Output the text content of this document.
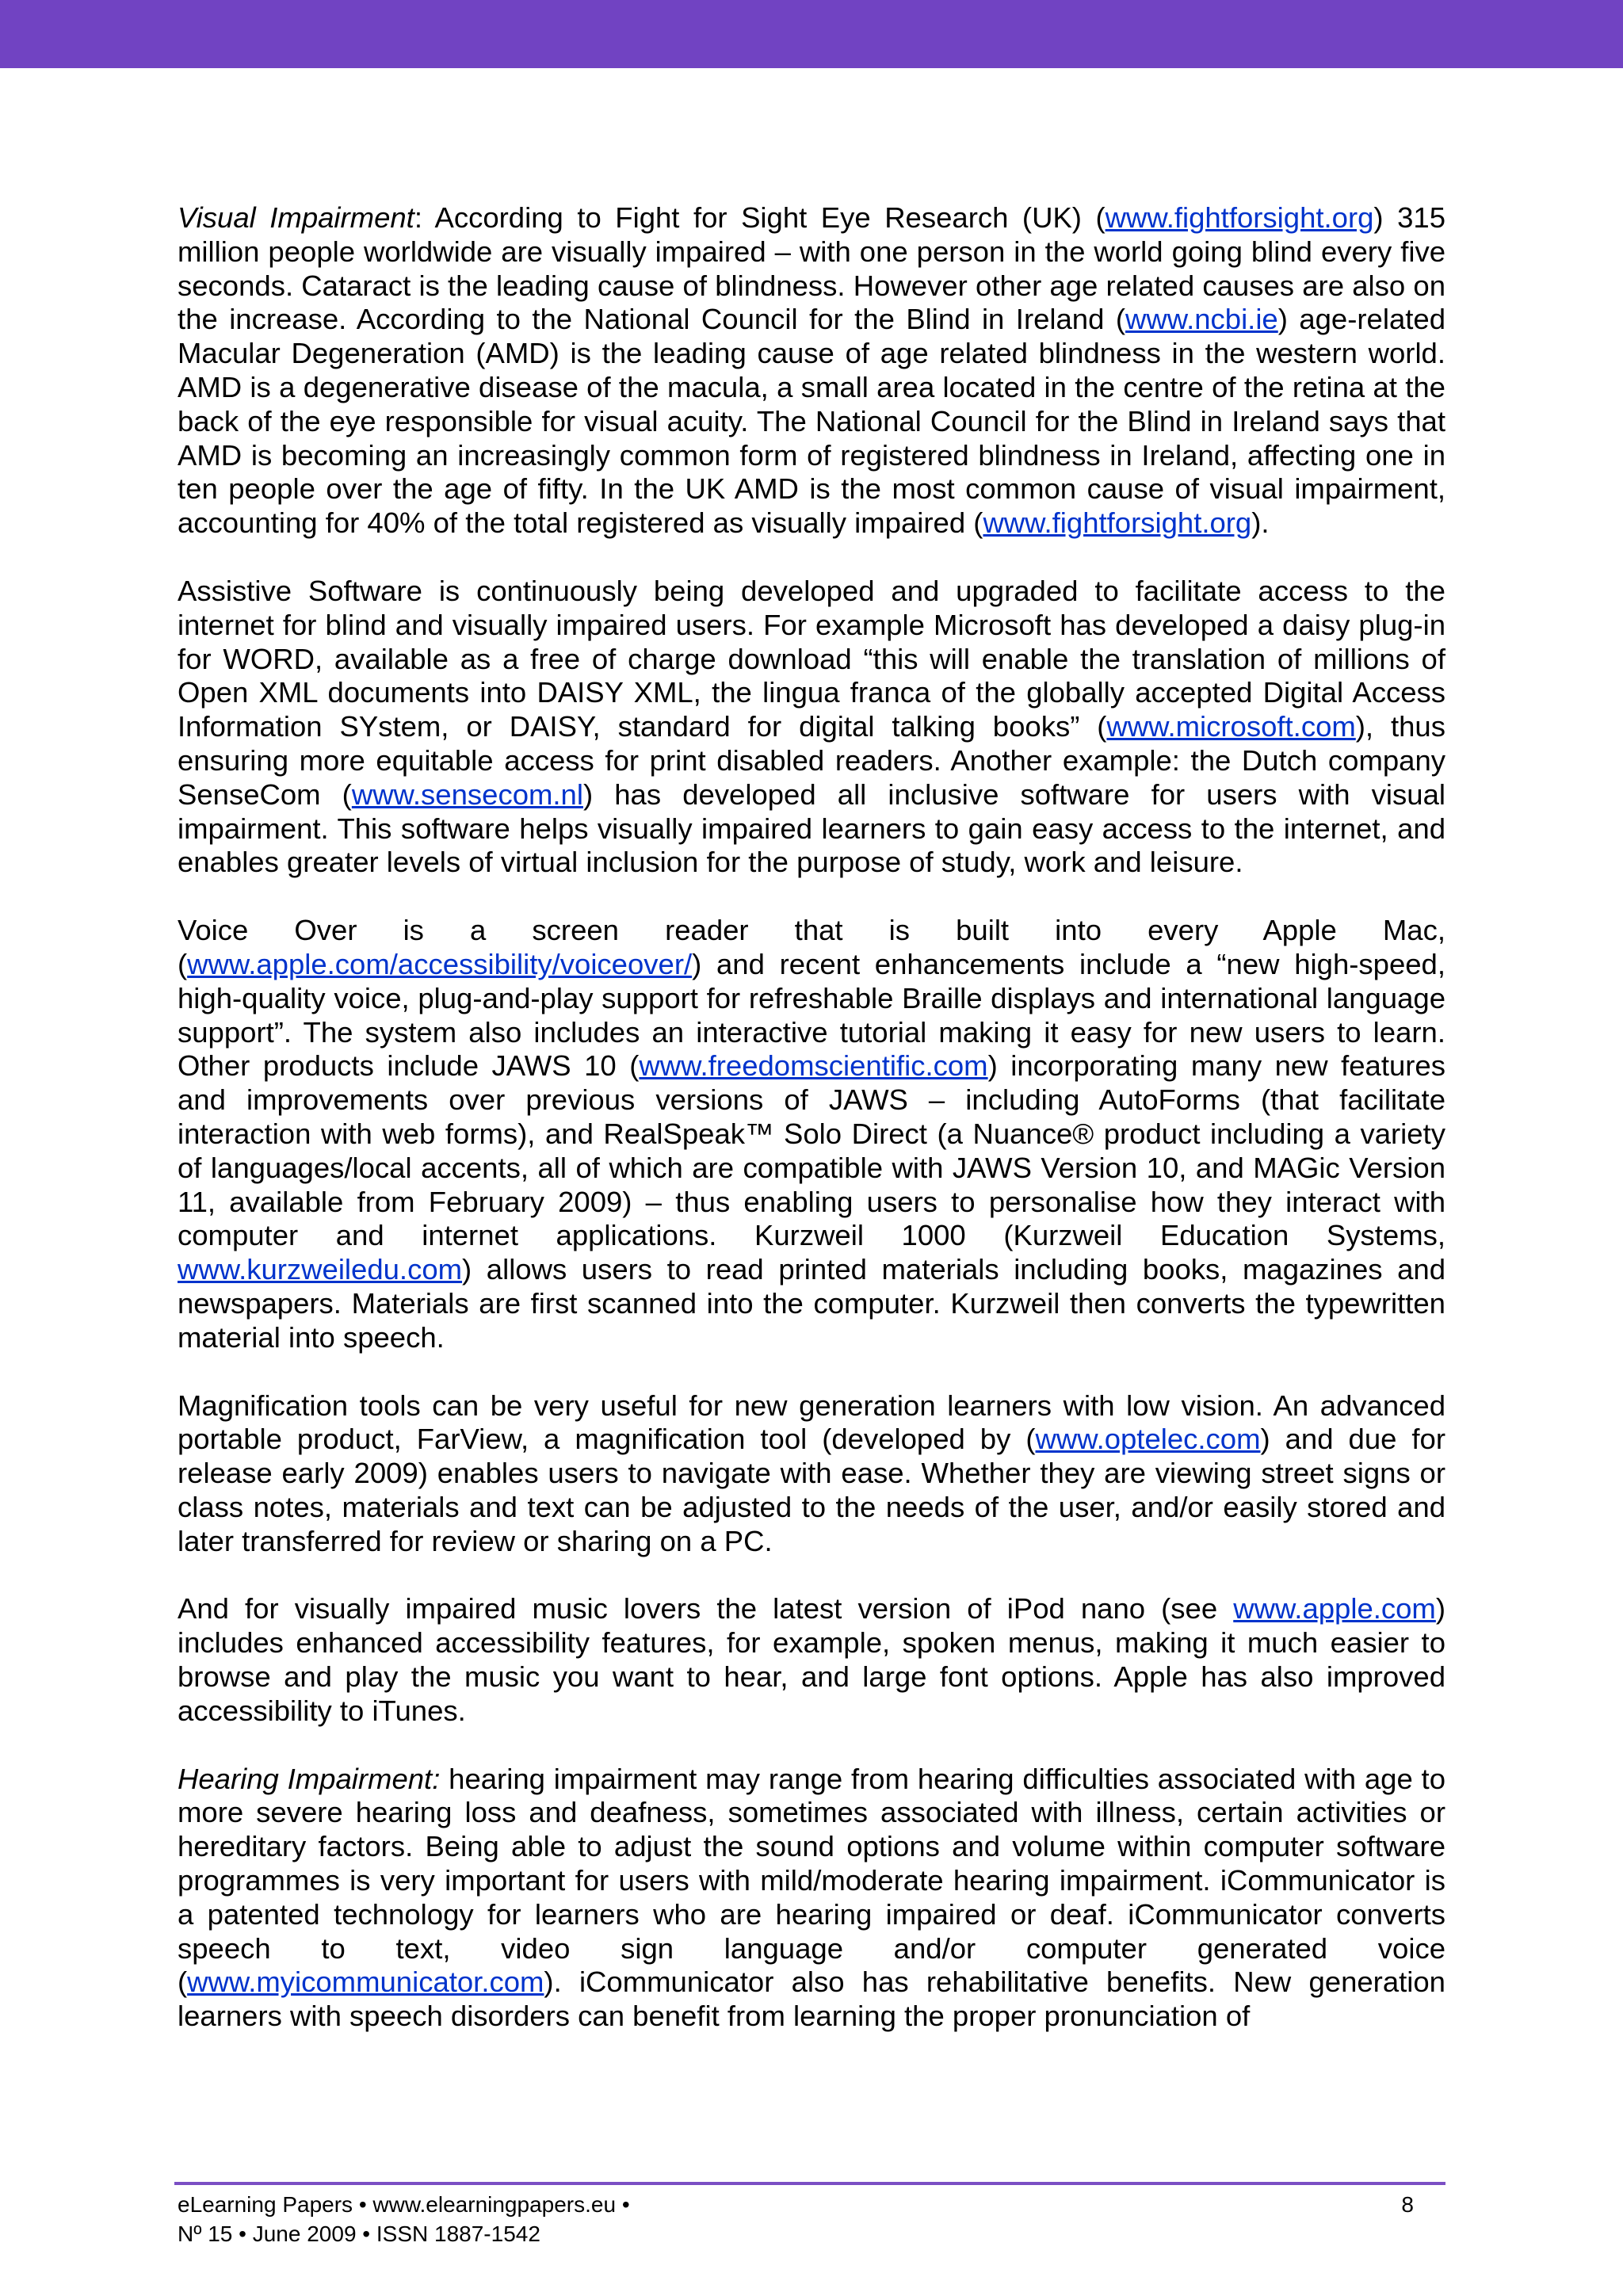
Visual Impairment: According to Fight for Sight Eye Research (UK) (www.fightforsight.org) 315 million people worldwide are visually impaired – with one person in the world going blind every five seconds. Cataract is the leading cause of blindness. However other age related causes are also on the increase. According to the National Council for the Blind in Ireland (www.ncbi.ie) age-related Macular Degeneration (AMD) is the leading cause of age related blindness in the western world. AMD is a degenerative disease of the macula, a small area located in the centre of the retina at the back of the eye responsible for visual acuity. The National Council for the Blind in Ireland says that AMD is becoming an increasingly common form of registered blindness in Ireland, affecting one in ten people over the age of fifty. In the UK AMD is the most common cause of visual impairment, accounting for 40% of the total registered as visually impaired (www.fightforsight.org).

Assistive Software is continuously being developed and upgraded to facilitate access to the internet for blind and visually impaired users. For example Microsoft has developed a daisy plug-in for WORD, available as a free of charge download “this will enable the translation of millions of Open XML documents into DAISY XML, the lingua franca of the globally accepted Digital Access Information SYstem, or DAISY, standard for digital talking books” (www.microsoft.com), thus ensuring more equitable access for print disabled readers. Another example: the Dutch company SenseCom (www.sensecom.nl) has developed all inclusive software for users with visual impairment. This software helps visually impaired learners to gain easy access to the internet, and enables greater levels of virtual inclusion for the purpose of study, work and leisure.

Voice Over is a screen reader that is built into every Apple Mac, (www.apple.com/accessibility/voiceover/) and recent enhancements include a “new high-speed, high-quality voice, plug-and-play support for refreshable Braille displays and international language support”. The system also includes an interactive tutorial making it easy for new users to learn. Other products include JAWS 10 (www.freedomscientific.com) incorporating many new features and improvements over previous versions of JAWS – including AutoForms (that facilitate interaction with web forms), and RealSpeak™ Solo Direct (a Nuance® product including a variety of languages/local accents, all of which are compatible with JAWS Version 10, and MAGic Version 11, available from February 2009) – thus enabling users to personalise how they interact with computer and internet applications. Kurzweil 1000 (Kurzweil Education Systems, www.kurzweiledu.com) allows users to read printed materials including books, magazines and newspapers. Materials are first scanned into the computer. Kurzweil then converts the typewritten material into speech.

Magnification tools can be very useful for new generation learners with low vision. An advanced portable product, FarView, a magnification tool (developed by (www.optelec.com) and due for release early 2009) enables users to navigate with ease. Whether they are viewing street signs or class notes, materials and text can be adjusted to the needs of the user, and/or easily stored and later transferred for review or sharing on a PC.

And for visually impaired music lovers the latest version of iPod nano (see www.apple.com) includes enhanced accessibility features, for example, spoken menus, making it much easier to browse and play the music you want to hear, and large font options. Apple has also improved accessibility to iTunes.

Hearing Impairment: hearing impairment may range from hearing difficulties associated with age to more severe hearing loss and deafness, sometimes associated with illness, certain activities or hereditary factors. Being able to adjust the sound options and volume within computer software programmes is very important for users with mild/moderate hearing impairment. iCommunicator is a patented technology for learners who are hearing impaired or deaf. iCommunicator converts speech to text, video sign language and/or computer generated voice (www.myicommunicator.com). iCommunicator also has rehabilitative benefits. New generation learners with speech disorders can benefit from learning the proper pronunciation of

eLearning Papers • www.elearningpapers.eu •
Nº 15 • June 2009 • ISSN 1887-1542
8
